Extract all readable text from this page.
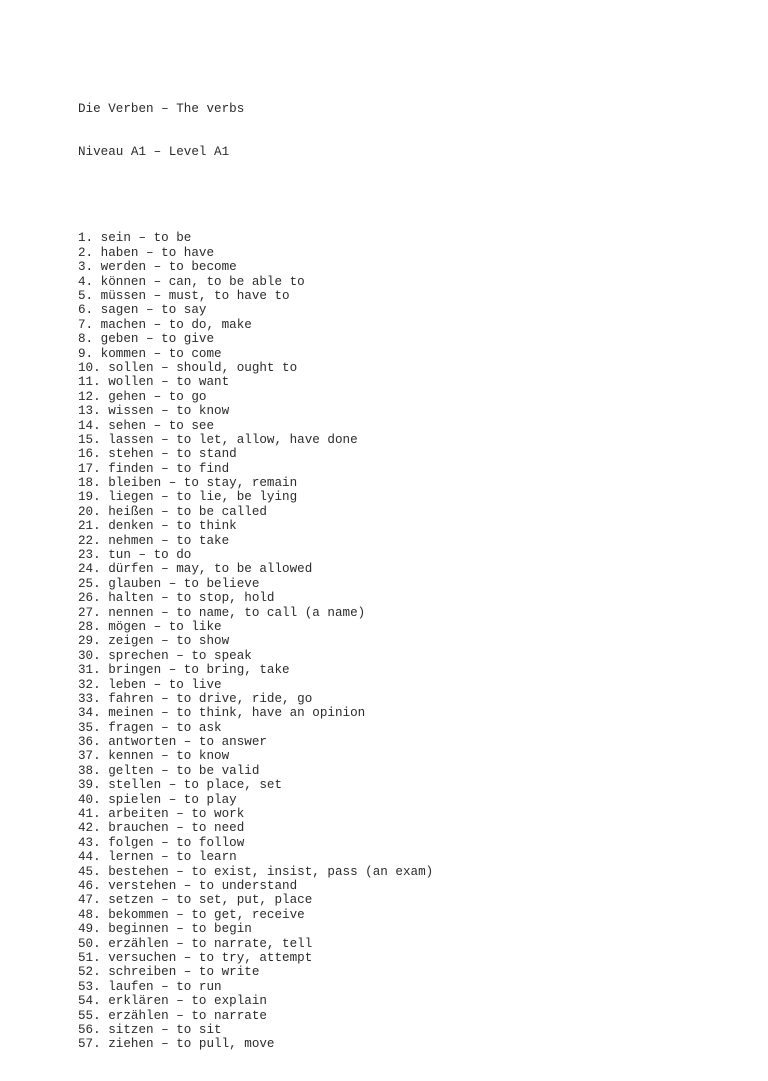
Die Verben – The verbs

Niveau A1 – Level A1

1. sein – to be
2. haben – to have
3. werden – to become
4. können – can, to be able to
5. müssen – must, to have to
6. sagen – to say
7. machen – to do, make
8. geben – to give
9. kommen – to come
10. sollen – should, ought to
11. wollen – to want
12. gehen – to go
13. wissen – to know
14. sehen – to see
15. lassen – to let, allow, have done
16. stehen – to stand
17. finden – to find
18. bleiben – to stay, remain
19. liegen – to lie, be lying
20. heißen – to be called
21. denken – to think
22. nehmen – to take
23. tun – to do
24. dürfen – may, to be allowed
25. glauben – to believe
26. halten – to stop, hold
27. nennen – to name, to call (a name)
28. mögen – to like
29. zeigen – to show
30. sprechen – to speak
31. bringen – to bring, take
32. leben – to live
33. fahren – to drive, ride, go
34. meinen – to think, have an opinion
35. fragen – to ask
36. antworten – to answer
37. kennen – to know
38. gelten – to be valid
39. stellen – to place, set
40. spielen – to play
41. arbeiten – to work
42. brauchen – to need
43. folgen – to follow
44. lernen – to learn
45. bestehen – to exist, insist, pass (an exam)
46. verstehen – to understand
47. setzen – to set, put, place
48. bekommen – to get, receive
49. beginnen – to begin
50. erzählen – to narrate, tell
51. versuchen – to try, attempt
52. schreiben – to write
53. laufen – to run
54. erklären – to explain
55. erzählen – to narrate
56. sitzen – to sit
57. ziehen – to pull, move
